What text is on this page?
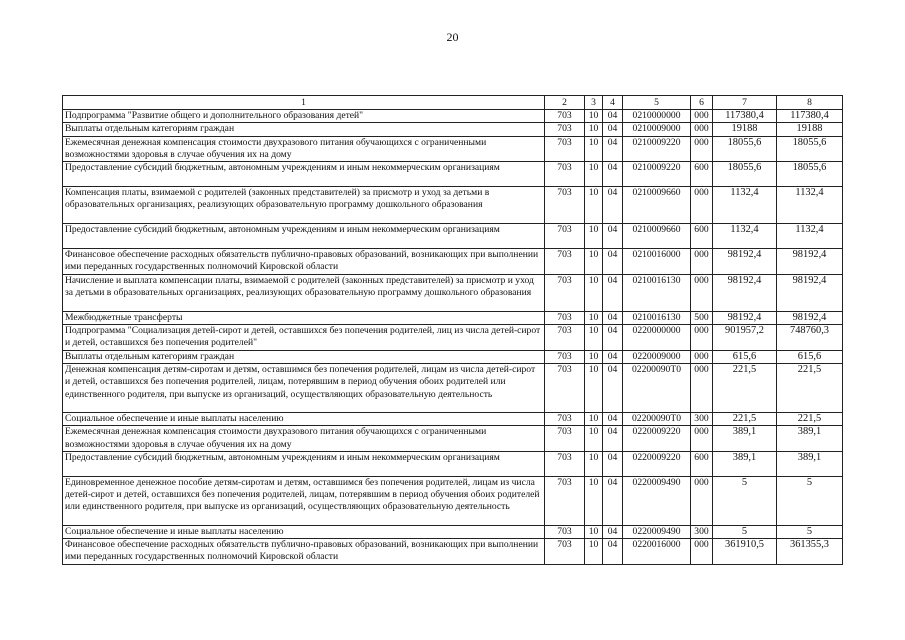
20
1	2	3	4	5	6	7	8
Подпрограмма "Развитие общего и дополнительного образования детей"	703	10	04	0210000000	000	117380,4	117380,4
Выплаты отдельным категориям граждан	703	10	04	0210009000	000	19188	19188
Ежемесячная денежная компенсация стоимости двухразового питания обучающихся с ограниченными возможностями здоровья в случае обучения их на дому	703	10	04	0210009220	000	18055,6	18055,6
Предоставление субсидий бюджетным, автономным учреждениям и иным некоммерческим организациям	703	10	04	0210009220	600	18055,6	18055,6
Компенсация платы, взимаемой с родителей (законных представителей) за присмотр и уход за детьми в образовательных организациях, реализующих образовательную программу дошкольного образования	703	10	04	0210009660	000	1132,4	1132,4
Предоставление субсидий бюджетным, автономным учреждениям и иным некоммерческим организациям	703	10	04	0210009660	600	1132,4	1132,4
Финансовое обеспечение расходных обязательств публично-правовых образований, возникающих при выполнении ими переданных государственных полномочий Кировской области	703	10	04	0210016000	000	98192,4	98192,4
Начисление и выплата компенсации платы, взимаемой с родителей (законных представителей) за присмотр и уход за детьми в образовательных организациях, реализующих образовательную программу дошкольного образования	703	10	04	0210016130	000	98192,4	98192,4
Межбюджетные трансферты	703	10	04	0210016130	500	98192,4	98192,4
Подпрограмма "Социализация детей-сирот и детей, оставшихся без попечения родителей, лиц из числа детей-сирот и детей, оставшихся без попечения родителей"	703	10	04	0220000000	000	901957,2	748760,3
Выплаты отдельным категориям граждан	703	10	04	0220009000	000	615,6	615,6
Денежная компенсация детям-сиротам и детям, оставшимся без попечения родителей, лицам из числа детей-сирот и детей, оставшихся без попечения родителей, лицам, потерявшим в период обучения обоих родителей или единственного родителя, при выпуске из организаций, осуществляющих образовательную деятельность	703	10	04	02200090Т0	000	221,5	221,5
Социальное обеспечение и иные выплаты населению	703	10	04	02200090Т0	300	221,5	221,5
Ежемесячная денежная компенсация стоимости двухразового питания обучающихся с ограниченными возможностями здоровья в случае обучения их на дому	703	10	04	0220009220	000	389,1	389,1
Предоставление субсидий бюджетным, автономным учреждениям и иным некоммерческим организациям	703	10	04	0220009220	600	389,1	389,1
Единовременное денежное пособие детям-сиротам и детям, оставшимся без попечения родителей, лицам из числа детей-сирот и детей, оставшихся без попечения родителей, лицам, потерявшим в период обучения обоих родителей или единственного родителя, при выпуске из организаций, осуществляющих образовательную деятельность	703	10	04	0220009490	000	5	5
Социальное обеспечение и иные выплаты населению	703	10	04	0220009490	300	5	5
Финансовое обеспечение расходных обязательств публично-правовых образований, возникающих при выполнении ими переданных государственных полномочий Кировской области	703	10	04	0220016000	000	361910,5	361355,3
